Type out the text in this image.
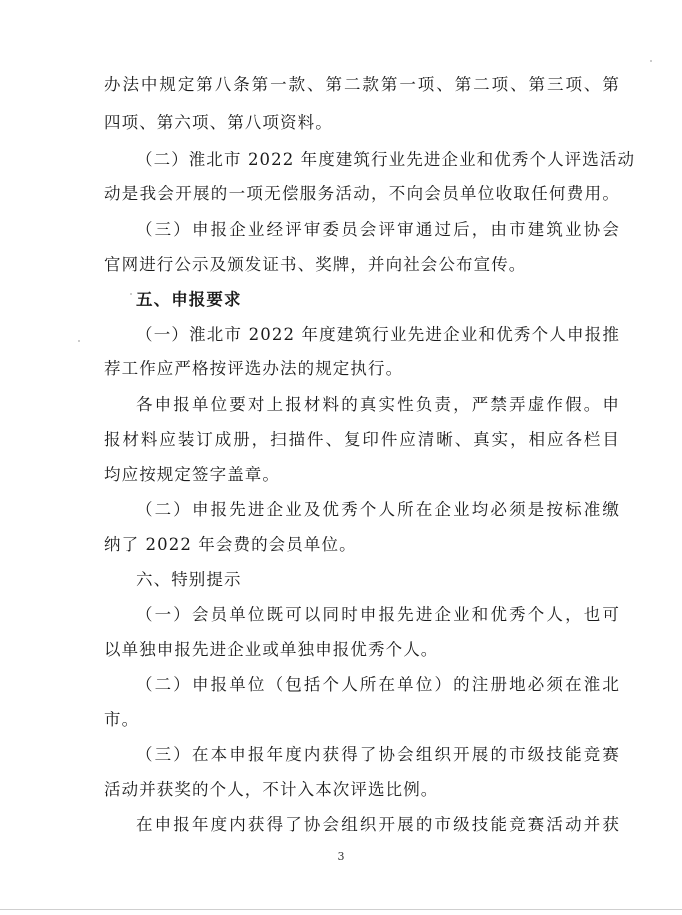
办法中规定第八条第一款、第二款第一项、第二项、第三项、第
四项、第六项、第八项资料。
（二）淮北市 2022 年度建筑行业先进企业和优秀个人评选活动
动是我会开展的一项无偿服务活动，不向会员单位收取任何费用。
（三）申报企业经评审委员会评审通过后，由市建筑业协会
官网进行公示及颁发证书、奖牌，并向社会公布宣传。
五、申报要求
（一）淮北市 2022 年度建筑行业先进企业和优秀个人申报推
荐工作应严格按评选办法的规定执行。
各申报单位要对上报材料的真实性负责，严禁弄虚作假。申
报材料应装订成册，扫描件、复印件应清晰、真实，相应各栏目
均应按规定签字盖章。
（二）申报先进企业及优秀个人所在企业均必须是按标准缴
纳了 2022 年会费的会员单位。
六、特别提示
（一）会员单位既可以同时申报先进企业和优秀个人，也可
以单独申报先进企业或单独申报优秀个人。
（二）申报单位（包括个人所在单位）的注册地必须在淮北
市。
（三）在本申报年度内获得了协会组织开展的市级技能竞赛
活动并获奖的个人，不计入本次评选比例。
在申报年度内获得了协会组织开展的市级技能竞赛活动并获
3
